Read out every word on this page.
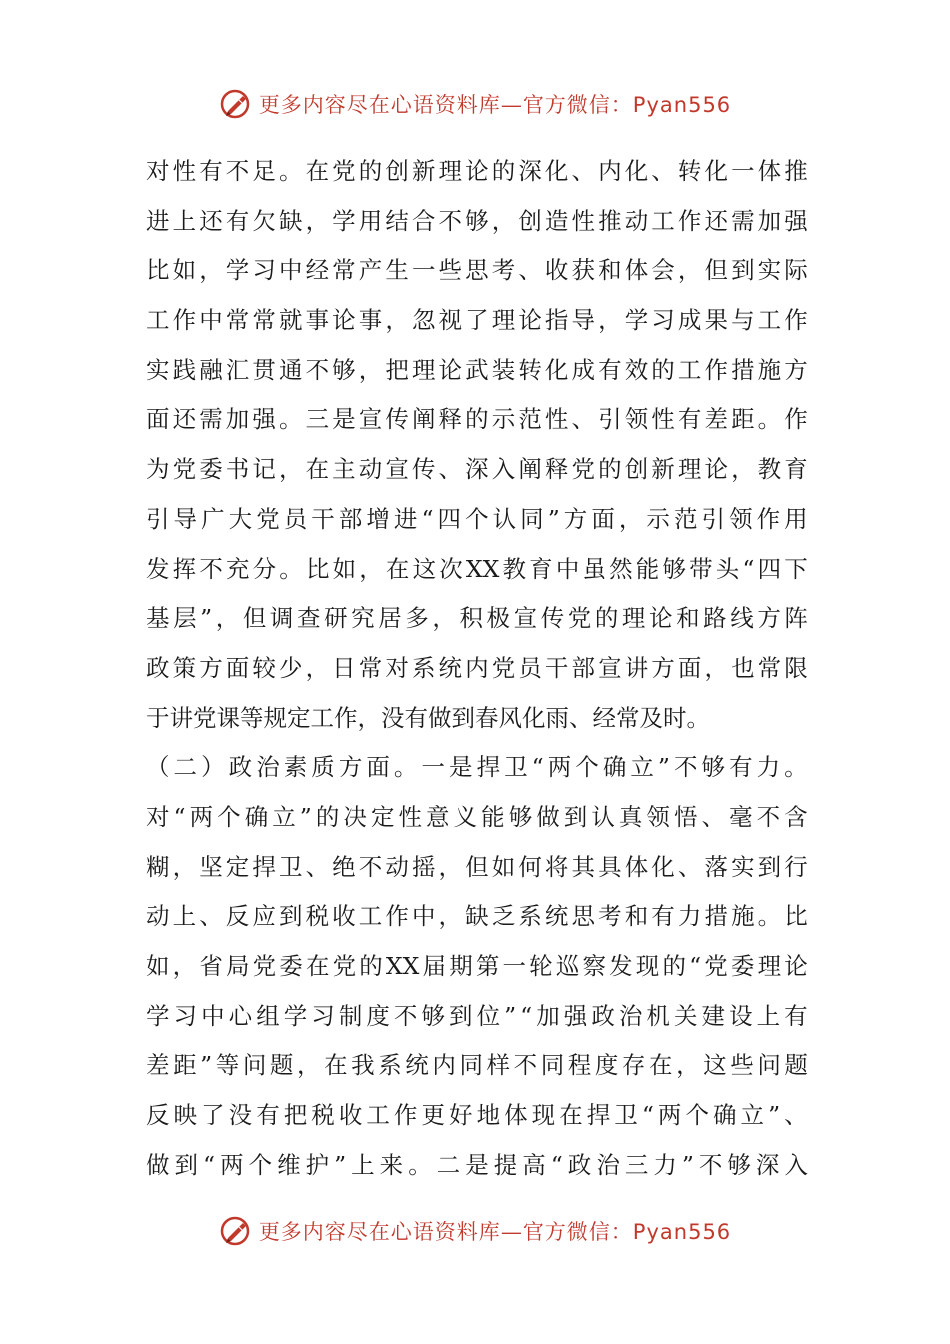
更多内容尽在心语资料库—官方微信：Pyan556
对 性 有 不 足 。 在 党 的 创 新 理 论 的 深 化 、 内 化 、 转 化 一 体 推
进 上 还 有 欠 缺 ， 学 用 结 合 不 够 ， 创 造 性 推 动 工 作 还 需 加 强
比 如 ， 学 习 中 经 常 产 生 一 些 思 考 、 收 获 和 体 会 ， 但 到 实 际
工 作 中 常 常 就 事 论 事 ， 忽 视 了 理 论 指 导 ， 学 习 成 果 与 工 作
实 践 融 汇 贯 通 不 够 ， 把 理 论 武 装 转 化 成 有 效 的 工 作 措 施 方
面 还 需 加 强 。 三 是 宣 传 阐 释 的 示 范 性 、 引 领 性 有 差 距 。 作
为 党 委 书 记 ， 在 主 动 宣 传 、 深 入 阐 释 党 的 创 新 理 论 ， 教 育
引 导 广 大 党 员 干 部 增 进 “ 四 个 认 同 ” 方 面 ， 示 范 引 领 作 用
发 挥 不 充 分 。 比 如 ， 在 这 次 XX 教 育 中 虽 然 能 够 带 头 “ 四 下
基 层 ” ， 但 调 查 研 究 居 多 ， 积 极 宣 传 党 的 理 论 和 路 线 方 阵
政 策 方 面 较 少 ， 日 常 对 系 统 内 党 员 干 部 宣 讲 方 面 ， 也 常 限
于讲党课等规定工作，没有做到春风化雨、经常及时。
（ 二 ） 政 治 素 质 方 面 。 一 是 捍 卫 “ 两 个 确 立 ” 不 够 有 力 。
对 “ 两 个 确 立 ” 的 决 定 性 意 义 能 够 做 到 认 真 领 悟 、 毫 不 含
糊 ， 坚 定 捍 卫 、 绝 不 动 摇 ， 但 如 何 将 其 具 体 化 、 落 实 到 行
动 上 、 反 应 到 税 收 工 作 中 ， 缺 乏 系 统 思 考 和 有 力 措 施 。 比
如 ， 省 局 党 委 在 党 的 XX 届 期 第 一 轮 巡 察 发 现 的 “ 党 委 理 论
学 习 中 心 组 学 习 制 度 不 够 到 位 ” “ 加 强 政 治 机 关 建 设 上 有
差 距 ” 等 问 题 ， 在 我 系 统 内 同 样 不 同 程 度 存 在 ， 这 些 问 题
反 映 了 没 有 把 税 收 工 作 更 好 地 体 现 在 捍 卫 “ 两 个 确 立 ” 、
做 到 “ 两 个 维 护 ” 上 来 。 二 是 提 高 “ 政 治 三 力 ” 不 够 深 入
更多内容尽在心语资料库—官方微信：Pyan556
